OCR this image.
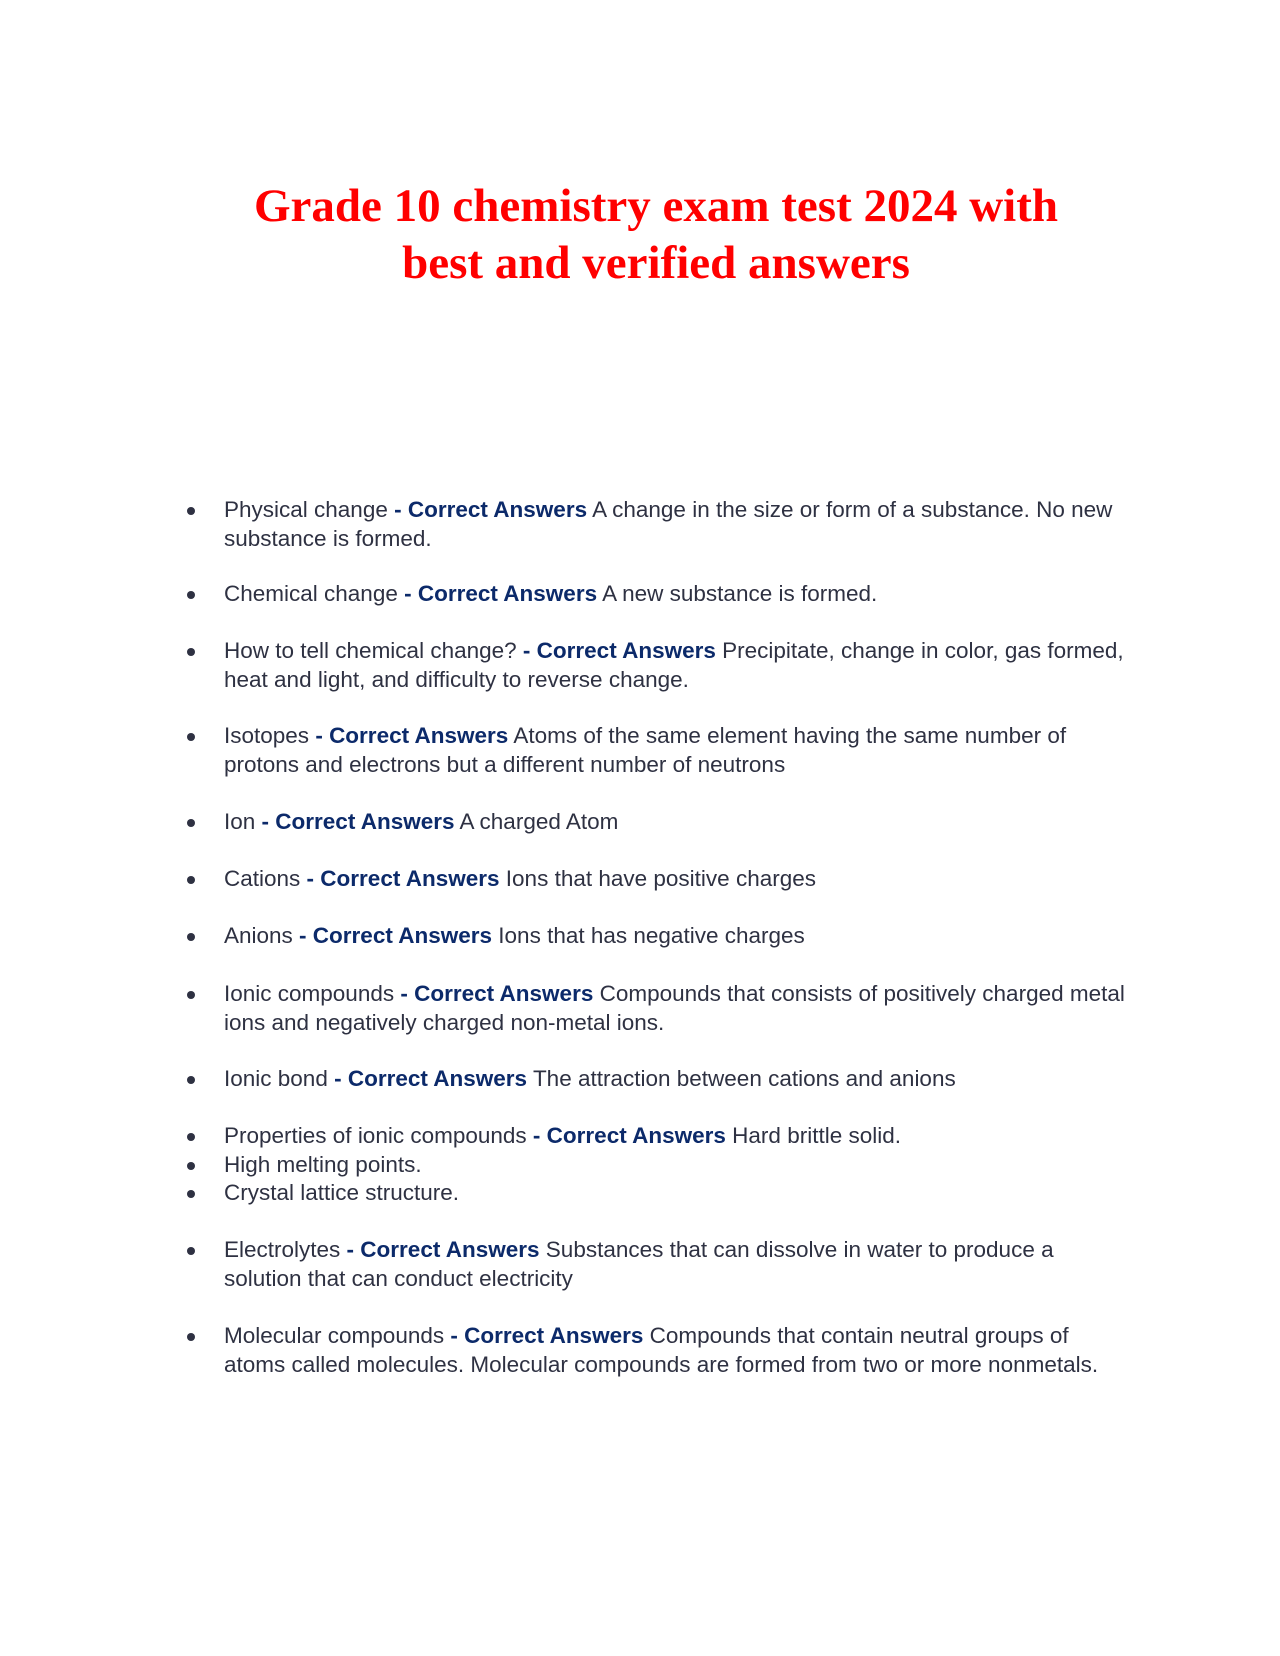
Grade 10 chemistry exam test 2024 with
best and verified answers
Physical change - Correct Answers A change in the size or form of a substance. No new substance is formed.
Chemical change - Correct Answers A new substance is formed.
How to tell chemical change? - Correct Answers Precipitate, change in color, gas formed, heat and light, and difficulty to reverse change.
Isotopes - Correct Answers Atoms of the same element having the same number of protons and electrons but a different number of neutrons
Ion - Correct Answers A charged Atom
Cations - Correct Answers Ions that have positive charges
Anions - Correct Answers Ions that has negative charges
Ionic compounds - Correct Answers Compounds that consists of positively charged metal ions and negatively charged non-metal ions.
Ionic bond - Correct Answers The attraction between cations and anions
Properties of ionic compounds - Correct Answers Hard brittle solid.
High melting points.
Crystal lattice structure.
Electrolytes - Correct Answers Substances that can dissolve in water to produce a solution that can conduct electricity
Molecular compounds - Correct Answers Compounds that contain neutral groups of atoms called molecules. Molecular compounds are formed from two or more nonmetals.
